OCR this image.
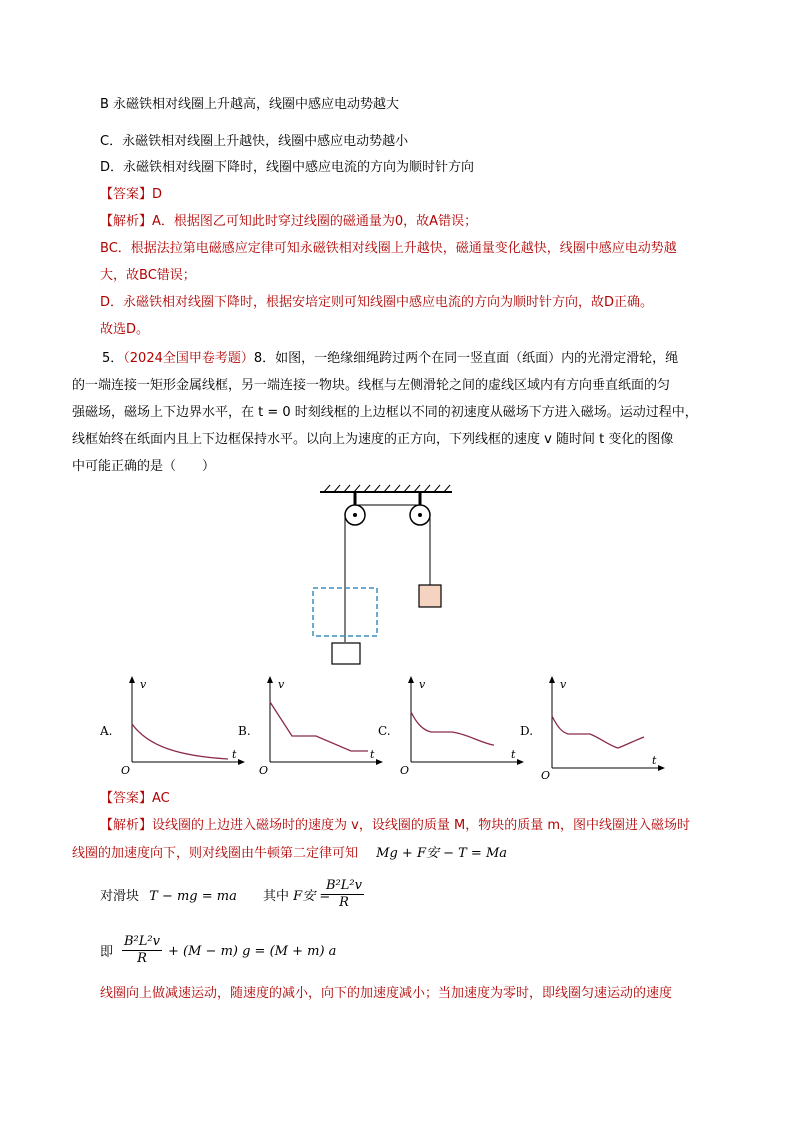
B 永磁铁相对线圈上升越高，线圈中感应电动势越大
C．永磁铁相对线圈上升越快，线圈中感应电动势越小
D．永磁铁相对线圈下降时，线圈中感应电流的方向为顺时针方向
【答案】D
【解析】A．根据图乙可知此时穿过线圈的磁通量为0，故A错误；
BC．根据法拉第电磁感应定律可知永磁铁相对线圈上升越快，磁通量变化越快，线圈中感应电动势越
大，故BC错误；
D．永磁铁相对线圈下降时，根据安培定则可知线圈中感应电流的方向为顺时针方向，故D正确。
故选D。
5．（2024全国甲卷考题）8．如图，一绝缘细绳跨过两个在同一竖直面（纸面）内的光滑定滑轮，绳
的一端连接一矩形金属线框，另一端连接一物块。线框与左侧滑轮之间的虚线区域内有方向垂直纸面的匀
强磁场，磁场上下边界水平，在 t = 0 时刻线框的上边框以不同的初速度从磁场下方进入磁场。运动过程中，
线框始终在纸面内且上下边框保持水平。以向上为速度的正方向，下列线框的速度 v 随时间 t 变化的图像
中可能正确的是（　　）
A.	B.	C.	D.
v
t
O
v
t
O
v
t
O
v
t
O
【答案】AC
【解析】设线圈的上边进入磁场时的速度为 v，设线圈的质量 M，物块的质量 m，图中线圈进入磁场时
线圈的加速度向下，则对线圈由牛顿第二定律可知 Mg + F安 − T = Ma
对滑块 T − mg = ma 其中 F安 =
$\frac{\text{B²L²v}}{R}$
即 $\frac{\text{B²L²v}}{R} + (M - m) g = (M + m)$ a
线圈向上做减速运动，随速度的减小，向下的加速度减小；当加速度为零时，即线圈匀速运动的速度
